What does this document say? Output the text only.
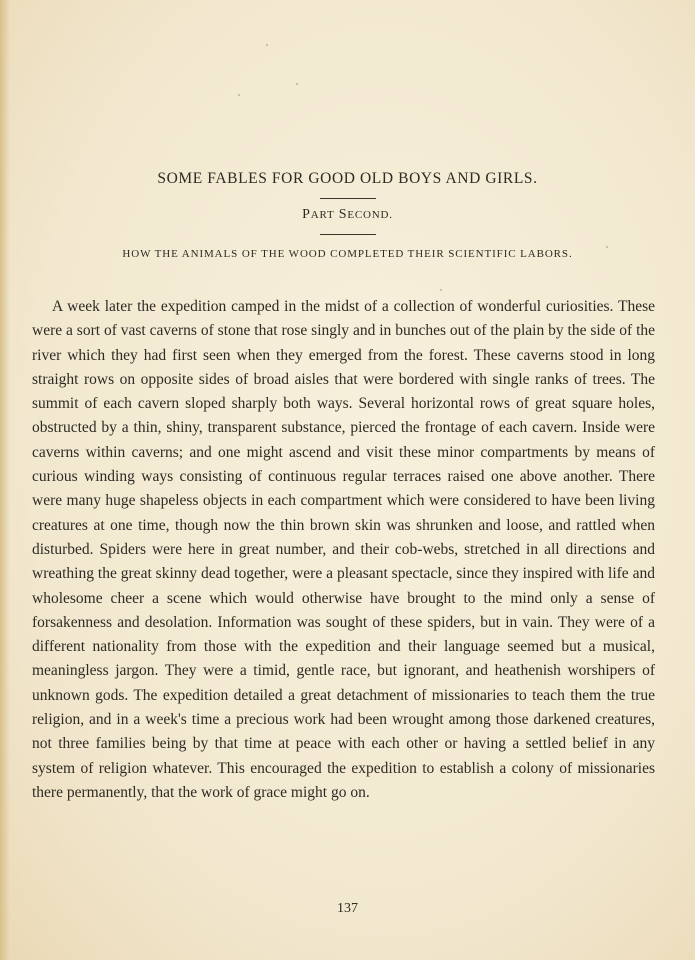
SOME FABLES FOR GOOD OLD BOYS AND GIRLS.
PART SECOND.
HOW THE ANIMALS OF THE WOOD COMPLETED THEIR SCIENTIFIC LABORS.

A week later the expedition camped in the midst of a collection of wonderful curiosities. These were a sort of vast caverns of stone that rose singly and in bunches out of the plain by the side of the river which they had first seen when they emerged from the forest. These caverns stood in long straight rows on opposite sides of broad aisles that were bordered with single ranks of trees. The summit of each cavern sloped sharply both ways. Several horizontal rows of great square holes, obstructed by a thin, shiny, transparent substance, pierced the frontage of each cavern. Inside were caverns within caverns; and one might ascend and visit these minor compartments by means of curious winding ways consisting of continuous regular terraces raised one above another. There were many huge shapeless objects in each compartment which were considered to have been living creatures at one time, though now the thin brown skin was shrunken and loose, and rattled when disturbed. Spiders were here in great number, and their cob-webs, stretched in all directions and wreathing the great skinny dead together, were a pleasant spectacle, since they inspired with life and wholesome cheer a scene which would otherwise have brought to the mind only a sense of forsakenness and desolation. Information was sought of these spiders, but in vain. They were of a different nationality from those with the expedition and their language seemed but a musical, meaningless jargon. They were a timid, gentle race, but ignorant, and heathenish worshipers of unknown gods. The expedition detailed a great detachment of missionaries to teach them the true religion, and in a week's time a precious work had been wrought among those darkened creatures, not three families being by that time at peace with each other or having a settled belief in any system of religion whatever. This encouraged the expedition to establish a colony of missionaries there permanently, that the work of grace might go on.

137
